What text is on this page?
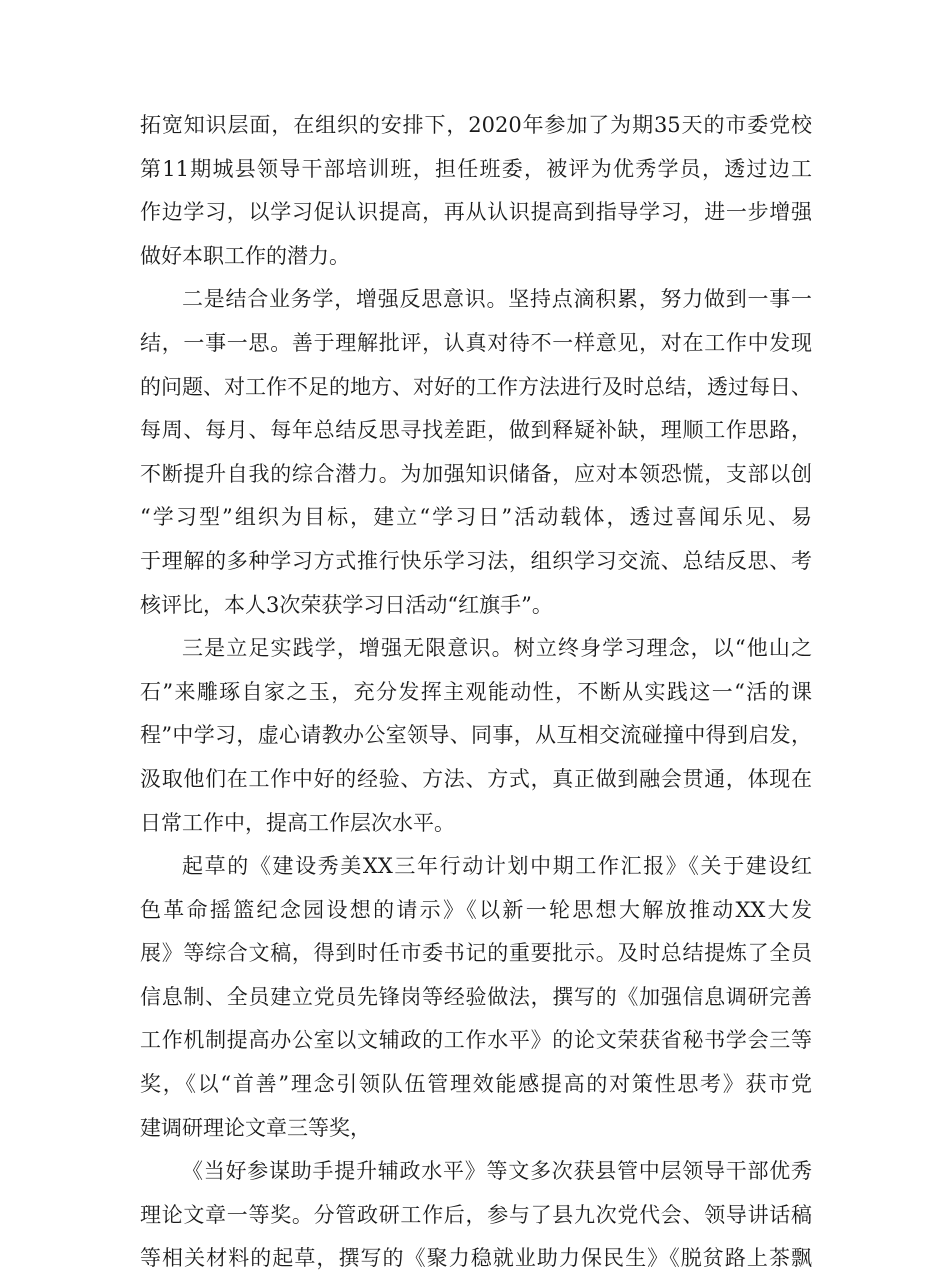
拓宽知识层面，在组织的安排下，2020年参加了为期35天的市委党校
第11期城县领导干部培训班，担任班委，被评为优秀学员，透过边工
作边学习，以学习促认识提高，再从认识提高到指导学习，进一步增强
做好本职工作的潜力。

二是结合业务学，增强反思意识。坚持点滴积累，努力做到一事一
结，一事一思。善于理解批评，认真对待不一样意见，对在工作中发现
的问题、对工作不足的地方、对好的工作方法进行及时总结，透过每日、
每周、每月、每年总结反思寻找差距，做到释疑补缺，理顺工作思路，
不断提升自我的综合潜力。为加强知识储备，应对本领恐慌，支部以创
“学习型”组织为目标，建立“学习日”活动载体，透过喜闻乐见、易
于理解的多种学习方式推行快乐学习法，组织学习交流、总结反思、考
核评比，本人3次荣获学习日活动“红旗手”。

三是立足实践学，增强无限意识。树立终身学习理念，以“他山之
石”来雕琢自家之玉，充分发挥主观能动性，不断从实践这一“活的课
程”中学习，虚心请教办公室领导、同事，从互相交流碰撞中得到启发，
汲取他们在工作中好的经验、方法、方式，真正做到融会贯通，体现在
日常工作中，提高工作层次水平。

起草的《建设秀美XX三年行动计划中期工作汇报》《关于建设红
色革命摇篮纪念园设想的请示》《以新一轮思想大解放推动XX大发
展》等综合文稿，得到时任市委书记的重要批示。及时总结提炼了全员
信息制、全员建立党员先锋岗等经验做法，撰写的《加强信息调研完善
工作机制提高办公室以文辅政的工作水平》的论文荣获省秘书学会三等
奖，《以“首善”理念引领队伍管理效能感提高的对策性思考》获市党
建调研理论文章三等奖，

《当好参谋助手提升辅政水平》等文多次获县管中层领导干部优秀
理论文章一等奖。分管政研工作后，参与了县九次党代会、领导讲话稿
等相关材料的起草，撰写的《聚力稳就业助力保民生》《脱贫路上茶飘
